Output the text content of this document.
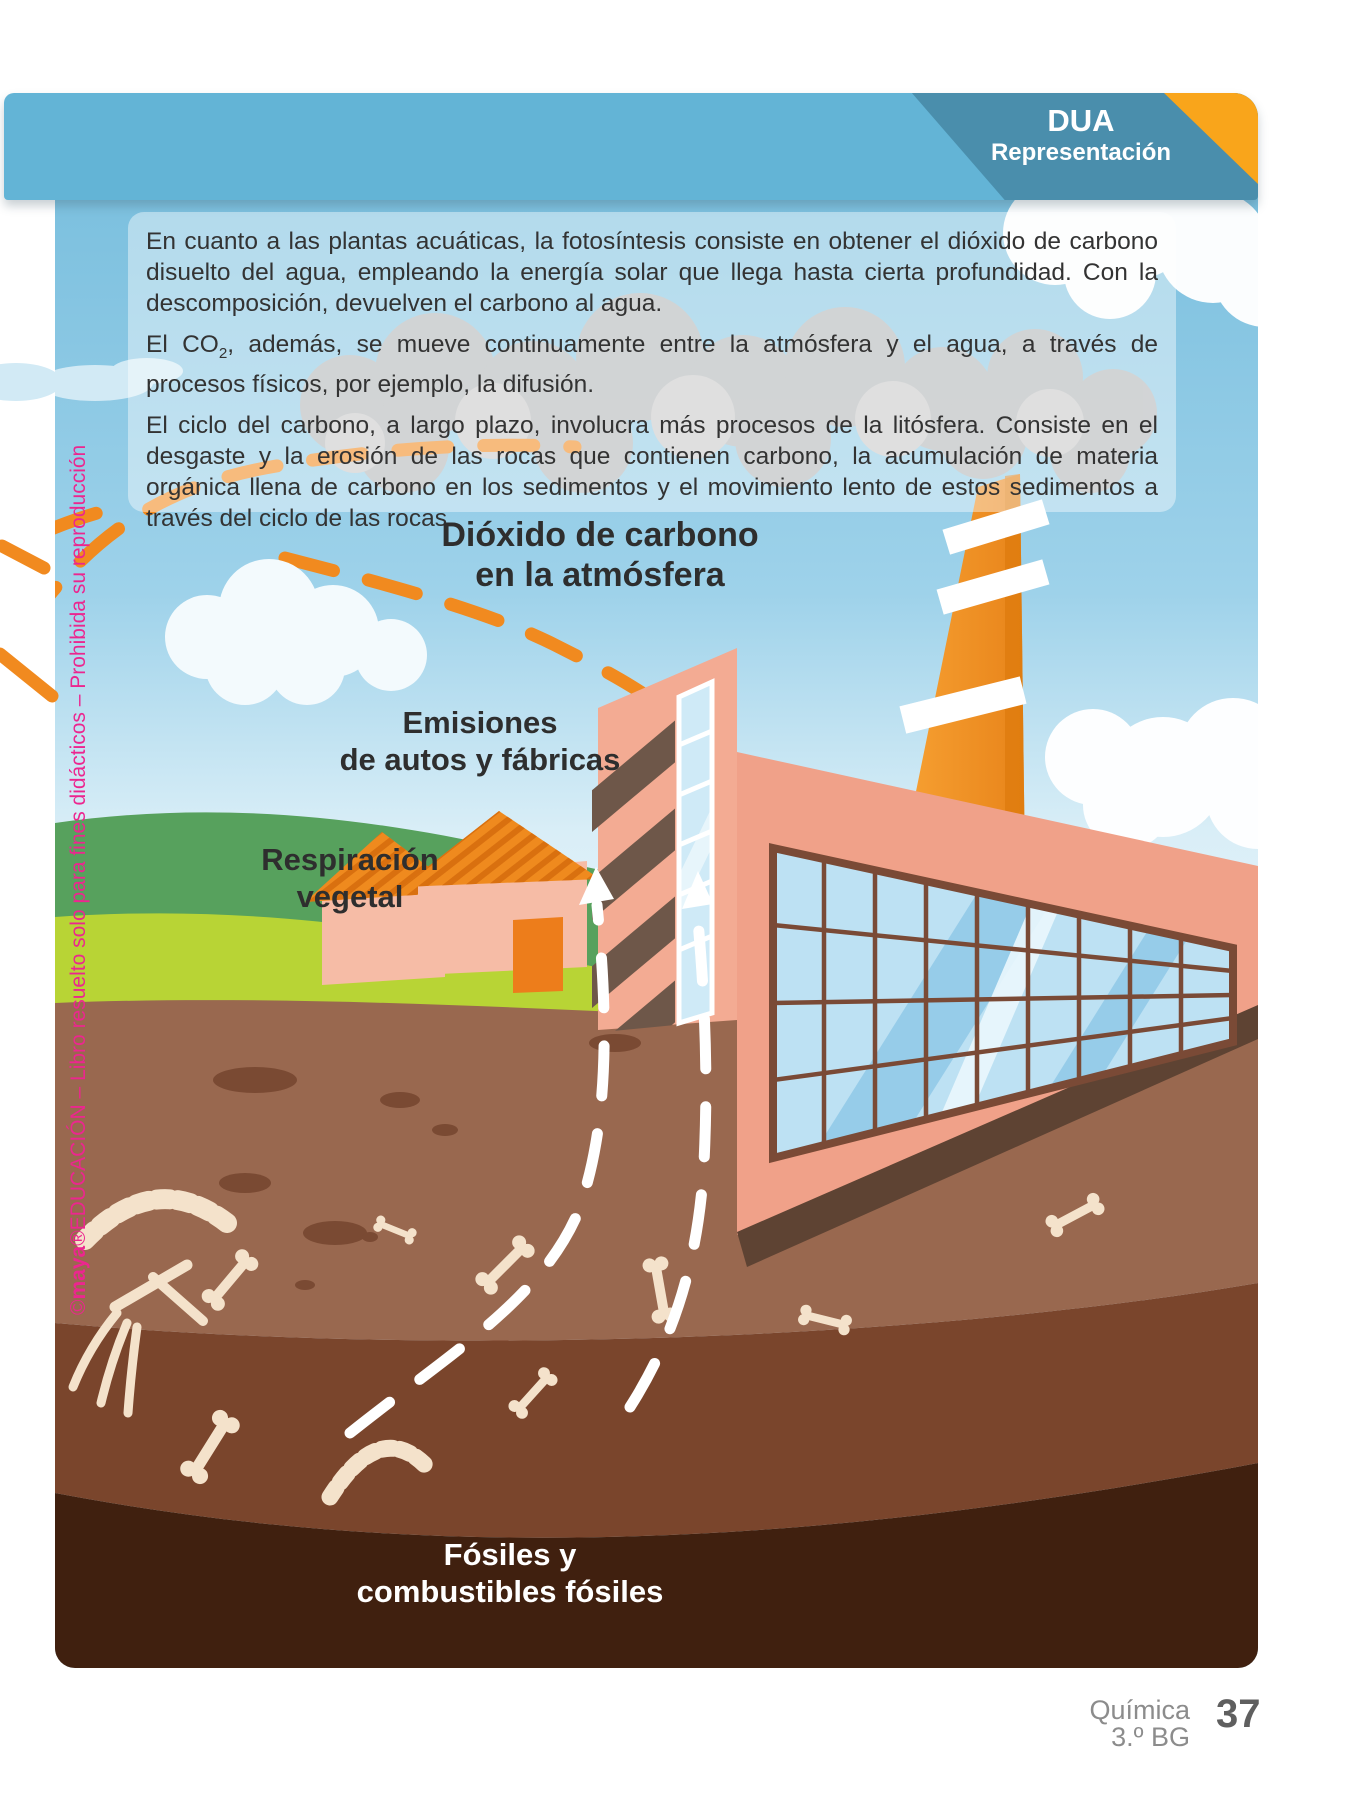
DUA
Representación

En cuanto a las plantas acuáticas, la fotosíntesis consiste en obtener el dióxido de carbono disuelto del agua, empleando la energía solar que llega hasta cierta profundidad. Con la descomposición, devuelven el carbono al agua.

El $CO_2$, además, se mueve continuamente entre la atmósfera y el agua, a través de procesos físicos, por ejemplo, la difusión.

El ciclo del carbono, a largo plazo, involucra más procesos de la litósfera. Consiste en el desgaste y la erosión de las rocas que contienen carbono, la acumulación de materia orgánica llena de carbono en los sedimentos y el movimiento lento de estos sedimentos a través del ciclo de las rocas.

Dióxido de carbono
en la atmósfera
Emisiones
de autos y fábricas
Respiración
vegetal
Fósiles y
combustibles fósiles
©maya®EDUCACIÓN – Libro resuelto solo para fines didácticos – Prohibida su reproducción
Química
3.º BG
37
